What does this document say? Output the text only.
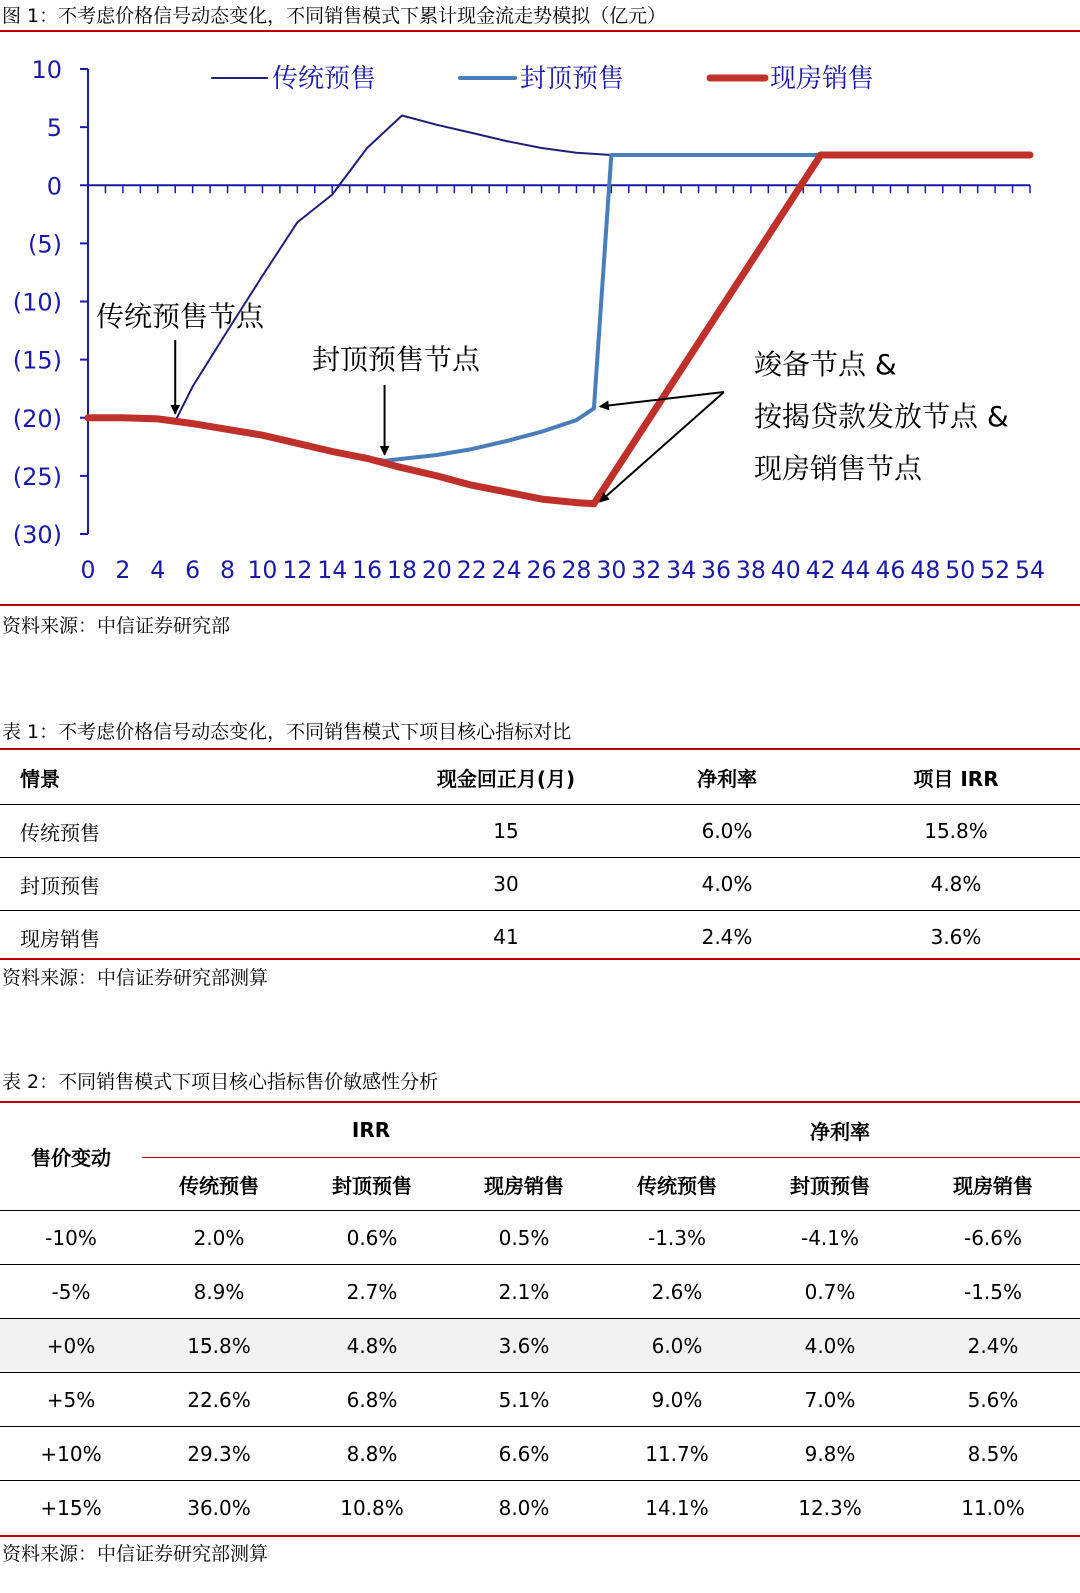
图 1：不考虑价格信号动态变化，不同销售模式下累计现金流走势模拟（亿元）
传统预售	封顶预售	现房销售
10
5
0
(5)
(10)
(15)
(20)
(25)
(30)
0 2 4 6 8 10 12 14 16 18 20 22 24 26 28 30 32 34 36 38 40 42 44 46 48 50 52 54
传统预售节点
封顶预售节点	竣备节点 &
按揭贷款发放节点 &
现房销售节点
资料来源：中信证券研究部
表 1：不考虑价格信号动态变化，不同销售模式下项目核心指标对比
情景	现金回正月(月)	净利率	项目 IRR
传统预售	15	6.0%	15.8%
封顶预售	30	4.0%	4.8%
现房销售	41	2.4%	3.6%
资料来源：中信证券研究部测算
表 2：不同销售模式下项目核心指标售价敏感性分析
售价变动	IRR			净利率		
	传统预售	封顶预售	现房销售	传统预售	封顶预售	现房销售
-10%	2.0%	0.6%	0.5%	-1.3%	-4.1%	-6.6%
-5%	8.9%	2.7%	2.1%	2.6%	0.7%	-1.5%
+0%	15.8%	4.8%	3.6%	6.0%	4.0%	2.4%
+5%	22.6%	6.8%	5.1%	9.0%	7.0%	5.6%
+10%	29.3%	8.8%	6.6%	11.7%	9.8%	8.5%
+15%	36.0%	10.8%	8.0%	14.1%	12.3%	11.0%
资料来源：中信证券研究部测算
